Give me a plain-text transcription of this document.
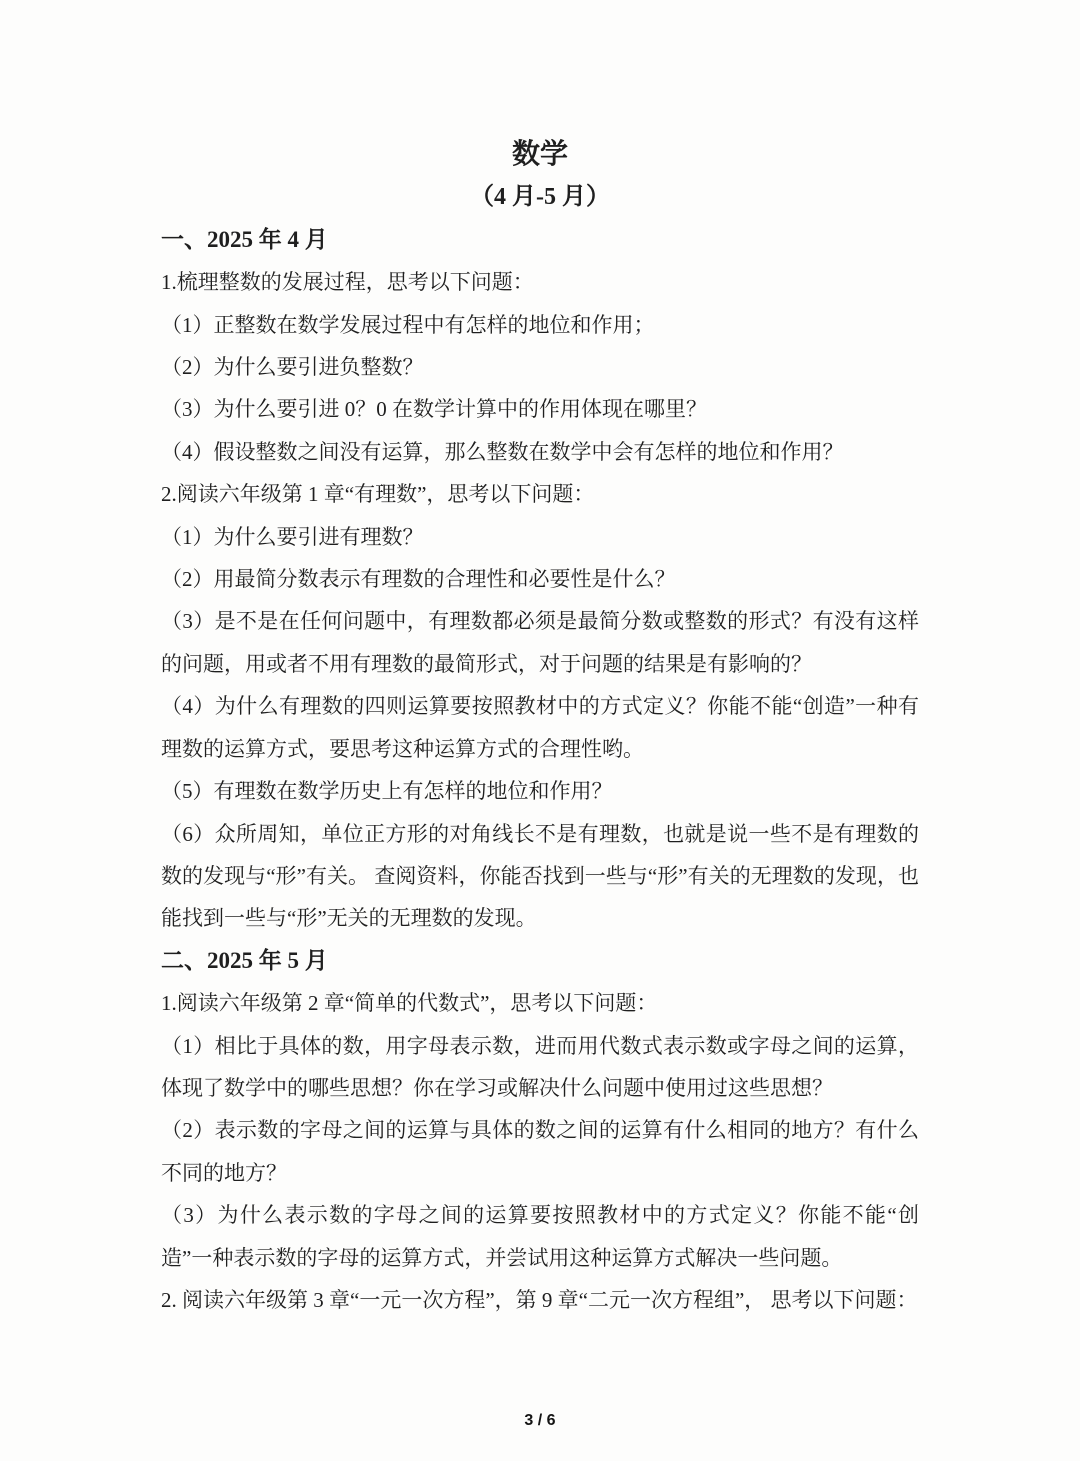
数学

（4 月-5 月）

一、2025 年 4 月

1.梳理整数的发展过程，思考以下问题：

（1）正整数在数学发展过程中有怎样的地位和作用；

（2）为什么要引进负整数？

（3）为什么要引进 0？0 在数学计算中的作用体现在哪里？

（4）假设整数之间没有运算，那么整数在数学中会有怎样的地位和作用？

2.阅读六年级第 1 章“有理数”，思考以下问题：

（1）为什么要引进有理数？

（2）用最简分数表示有理数的合理性和必要性是什么？

（3）是不是在任何问题中，有理数都必须是最简分数或整数的形式？有没有这样的问题，用或者不用有理数的最简形式，对于问题的结果是有影响的？

（4）为什么有理数的四则运算要按照教材中的方式定义？你能不能“创造”一种有理数的运算方式，要思考这种运算方式的合理性哟。

（5）有理数在数学历史上有怎样的地位和作用？

（6）众所周知，单位正方形的对角线长不是有理数，也就是说一些不是有理数的数的发现与“形”有关。 查阅资料，你能否找到一些与“形”有关的无理数的发现，也能找到一些与“形”无关的无理数的发现。

二、2025 年 5 月

1.阅读六年级第 2 章“简单的代数式”，思考以下问题：

（1）相比于具体的数，用字母表示数，进而用代数式表示数或字母之间的运算，体现了数学中的哪些思想？你在学习或解决什么问题中使用过这些思想？

（2）表示数的字母之间的运算与具体的数之间的运算有什么相同的地方？有什么不同的地方？

（3）为什么表示数的字母之间的运算要按照教材中的方式定义？你能不能“创造”一种表示数的字母的运算方式，并尝试用这种运算方式解决一些问题。

2. 阅读六年级第 3 章“一元一次方程”，第 9 章“二元一次方程组”， 思考以下问题：

3 / 6
